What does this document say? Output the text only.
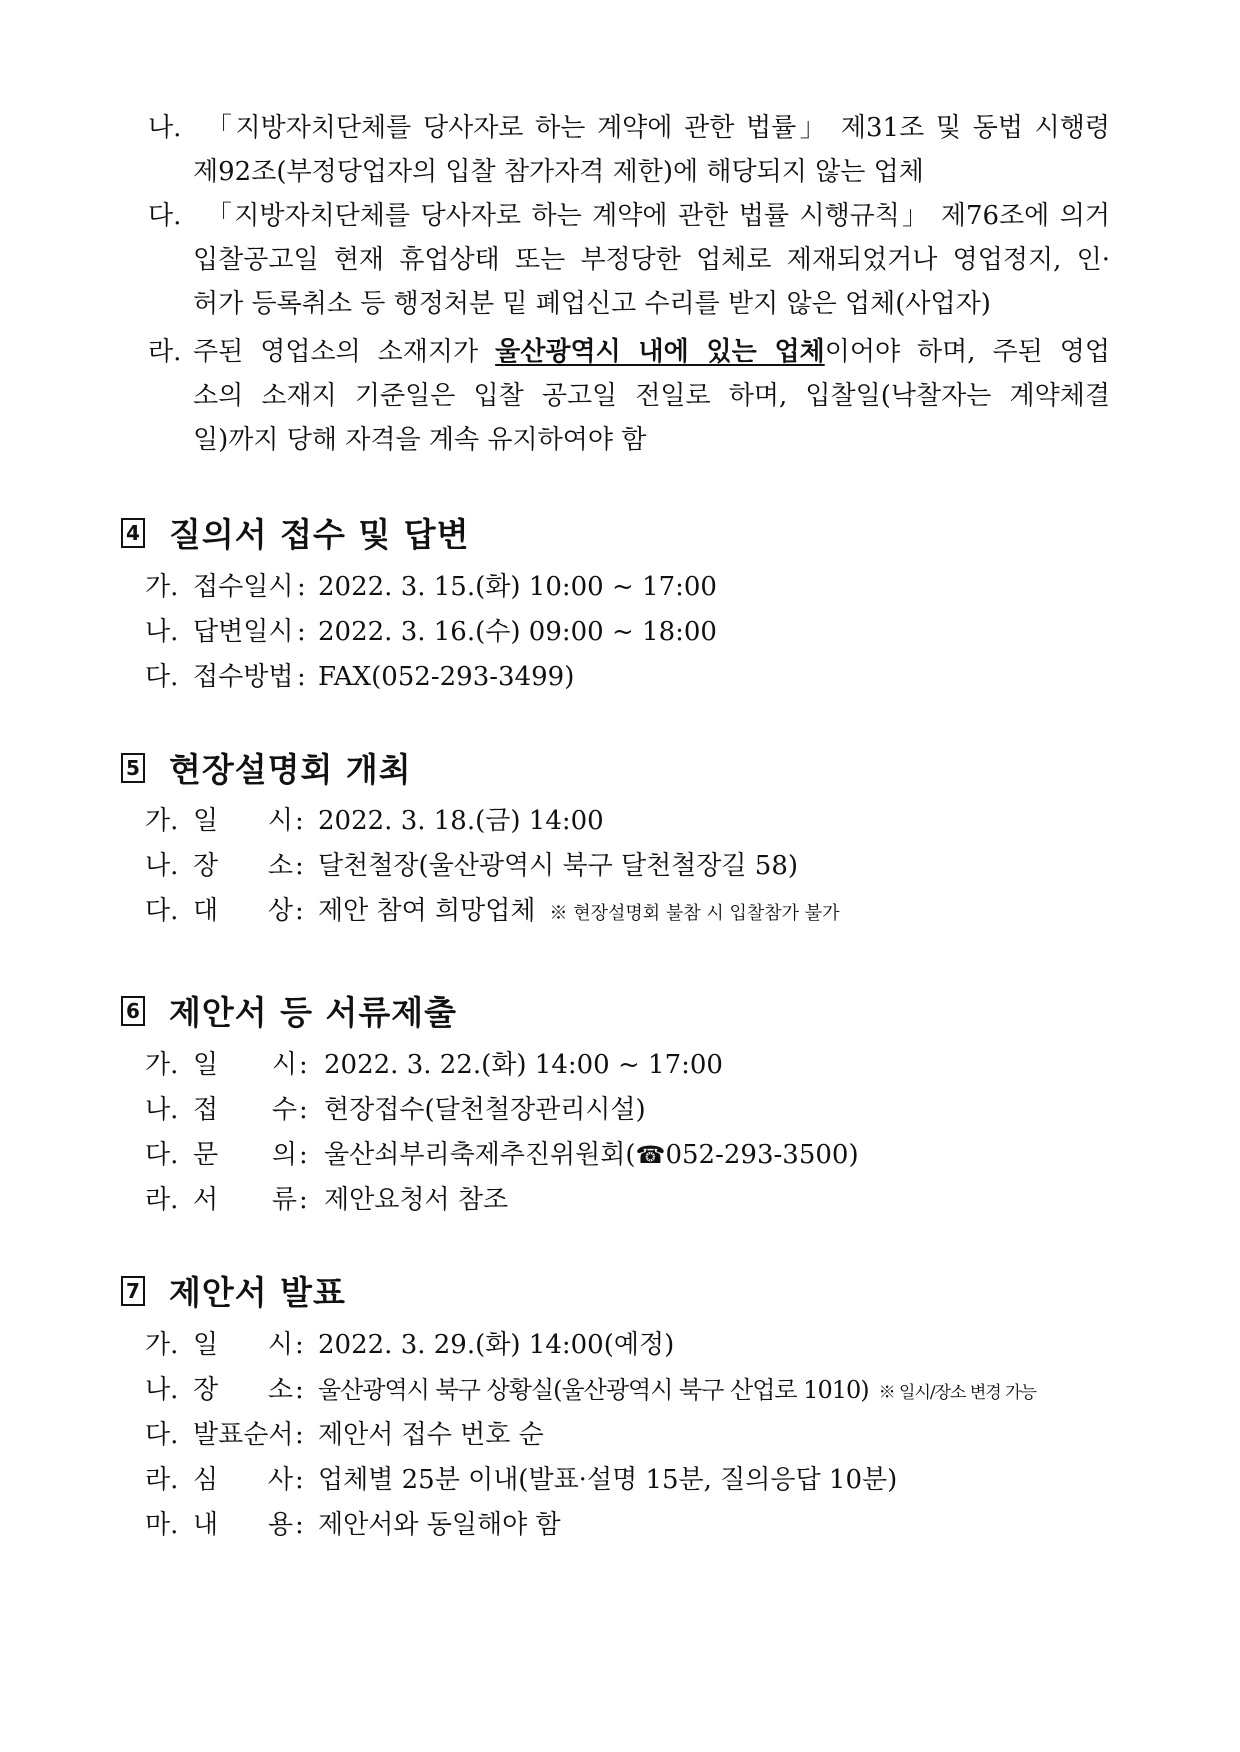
나. 「지방자치단체를 당사자로 하는 계약에 관한 법률」 제31조 및 동법 시행령
제92조(부정당업자의 입찰 참가자격 제한)에 해당되지 않는 업체
다. 「지방자치단체를 당사자로 하는 계약에 관한 법률 시행규칙」 제76조에 의거
입찰공고일 현재 휴업상태 또는 부정당한 업체로 제재되었거나 영업정지, 인·
허가 등록취소 등 행정처분 밑 폐업신고 수리를 받지 않은 업체(사업자)
라. 주된 영업소의 소재지가 울산광역시 내에 있는 업체이어야 하며, 주된 영업
소의 소재지 기준일은 입찰 공고일 전일로 하며, 입찰일(낙찰자는 계약체결
일)까지 당해 자격을 계속 유지하여야 함
4 질의서 접수 및 답변
가. 접수일시 : 2022. 3. 15.(화) 10:00 ~ 17:00
나. 답변일시 : 2022. 3. 16.(수) 09:00 ~ 18:00
다. 접수방법 : FAX(052-293-3499)
5 현장설명회 개최
가. 일 시 : 2022. 3. 18.(금) 14:00
나. 장 소 : 달천철장(울산광역시 북구 달천철장길 58)
다. 대 상 : 제안 참여 희망업체 ※ 현장설명회 불참 시 입찰참가 불가
6 제안서 등 서류제출
가. 일 시 : 2022. 3. 22.(화) 14:00 ~ 17:00
나. 접 수 : 현장접수(달천철장관리시설)
다. 문 의 : 울산쇠부리축제추진위원회(☎052-293-3500)
라. 서 류 : 제안요청서 참조
7 제안서 발표
가. 일 시 : 2022. 3. 29.(화) 14:00(예정)
나. 장 소 : 울산광역시 북구 상황실(울산광역시 북구 산업로 1010) ※ 일시/장소 변경 가능
다. 발표순서 : 제안서 접수 번호 순
라. 심 사 : 업체별 25분 이내(발표·설명 15분, 질의응답 10분)
마. 내 용 : 제안서와 동일해야 함
